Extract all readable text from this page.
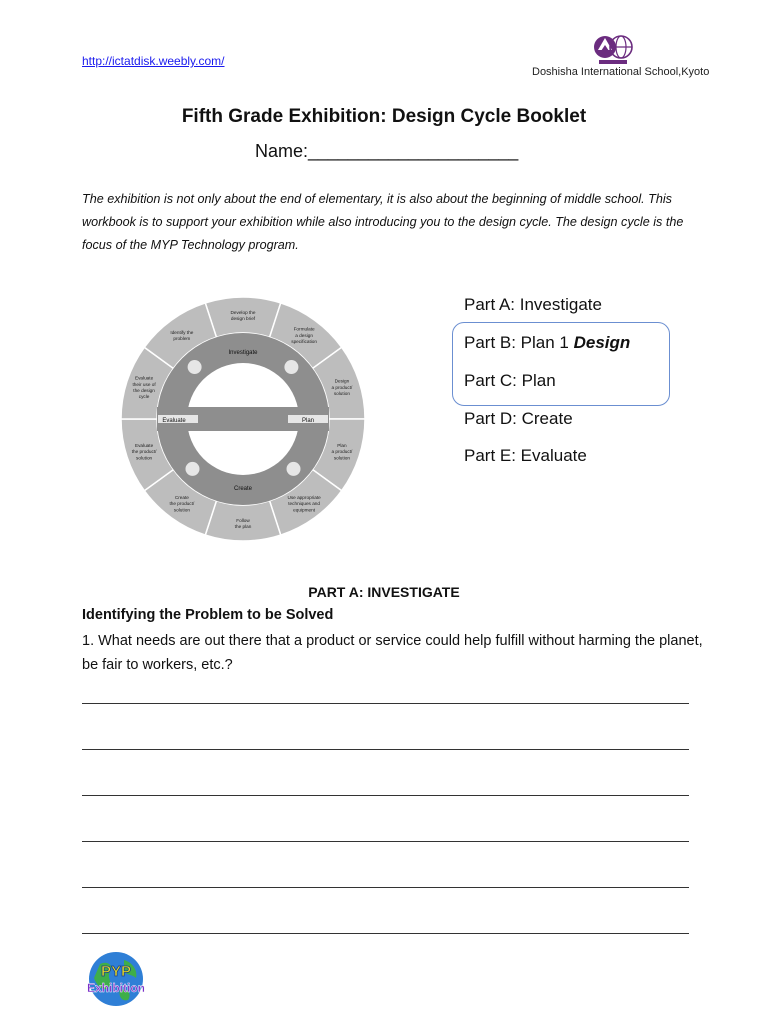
http://ictatdisk.weebly.com/
Doshisha International School,Kyoto
Fifth Grade Exhibition: Design Cycle Booklet
Name:_____________________
The exhibition is not only about the end of elementary, it is also about the beginning of middle school. This workbook is to support your exhibition while also introducing you to the design cycle. The design cycle is the focus of the MYP Technology program.
Develop the design brief
Formulate a design specification
Design a product/ solution
Plan a product/ solution
Use appropriate techniques and equipment
Follow the plan
Create the product/ solution
Evaluate the product/ solution
Evaluate their use of the design cycle
Identify the problem
Investigate
Plan
Create
Evaluate
Part A: Investigate
Part B: Plan 1 Design
Part C: Plan
Part D: Create
Part E: Evaluate
PART A: INVESTIGATE
Identifying the Problem to be Solved
1. What needs are out there that a product or service could help fulfill without harming the planet, be fair to workers, etc.?
PYP
Exhibition
